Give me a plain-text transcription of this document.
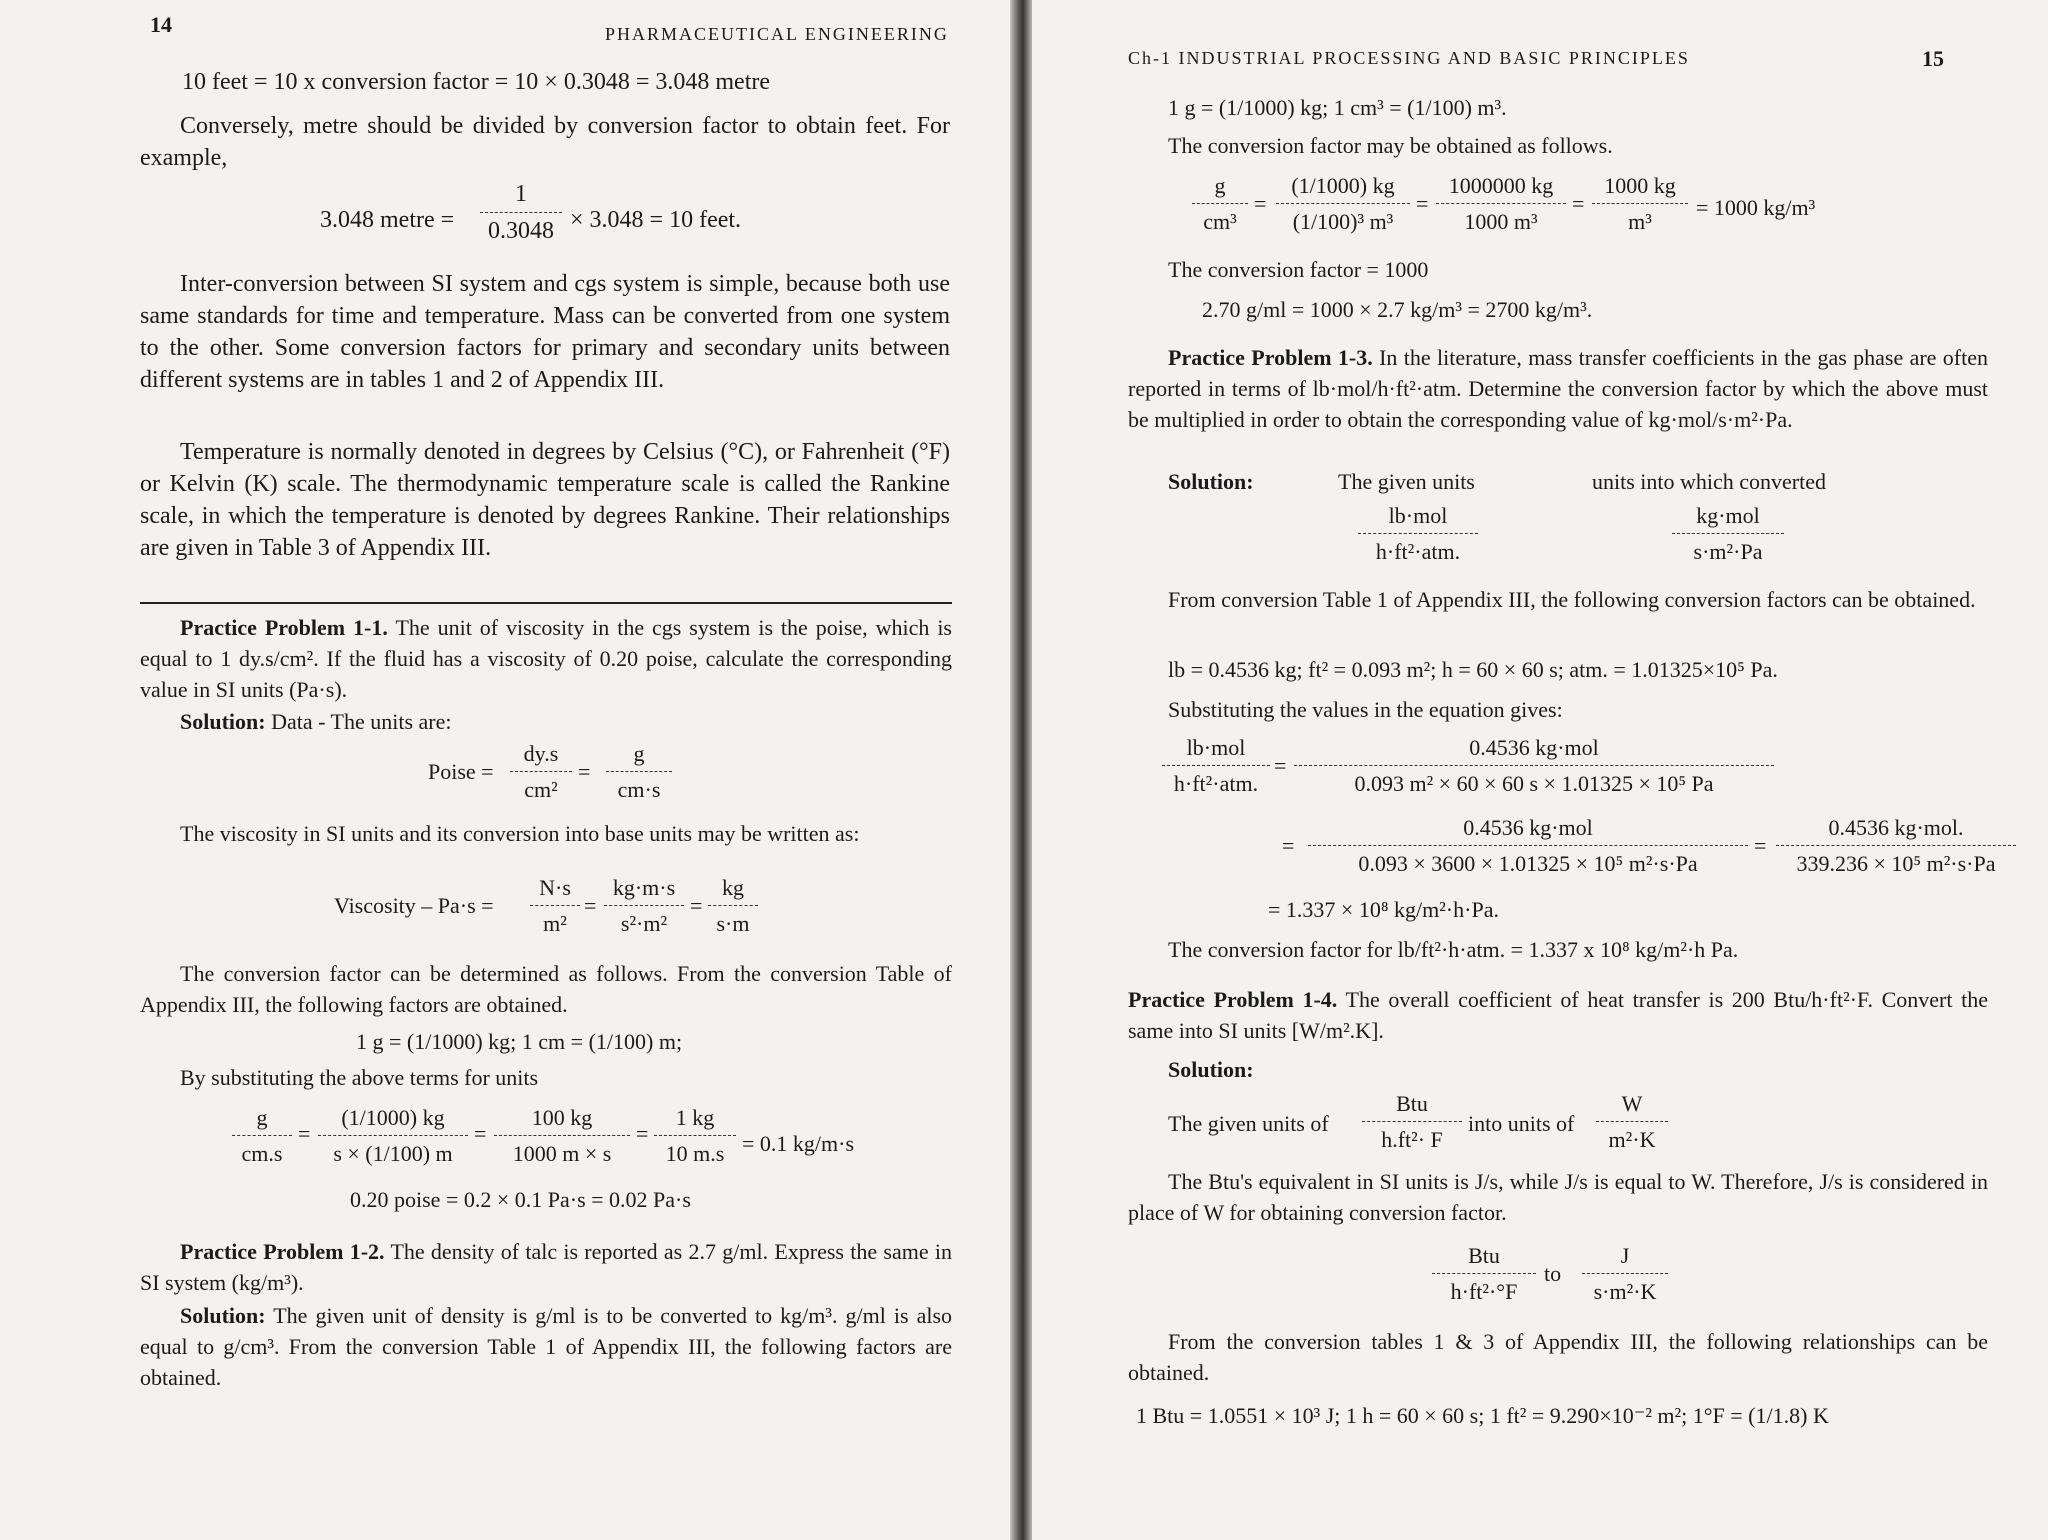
14	PHARMACEUTICAL ENGINEERING
10 feet = 10 x conversion factor = 10 × 0.3048 = 3.048 metre
Conversely, metre should be divided by conversion factor to obtain feet. For example,
3.048 metre =
1
0.3048 × 3.048 = 10 feet.
Inter-conversion between SI system and cgs system is simple, because both use same standards for time and temperature. Mass can be converted from one system to the other. Some conversion factors for primary and secondary units between different systems are in tables 1 and 2 of Appendix III.
Temperature is normally denoted in degrees by Celsius (°C), or Fahrenheit (°F) or Kelvin (K) scale. The thermodynamic temperature scale is called the Rankine scale, in which the temperature is denoted by degrees Rankine. Their relationships are given in Table 3 of Appendix III.
Practice Problem 1-1. The unit of viscosity in the cgs system is the poise, which is equal to 1 dy.s/cm². If the fluid has a viscosity of 0.20 poise, calculate the corresponding value in SI units (Pa·s).
Solution: Data - The units are:
Poise =
dy.s
cm²
=
g
cm·s
The viscosity in SI units and its conversion into base units may be written as:
Viscosity – Pa·s =
N·s
m²
=
kg·m·s
s²·m²
=
kg
s·m
The conversion factor can be determined as follows. From the conversion Table of Appendix III, the following factors are obtained.
1 g = (1/1000) kg; 1 cm = (1/100) m;
By substituting the above terms for units
g
cm.s
=
(1/1000) kg
s × (1/100) m
=
100 kg
1000 m × s
=
1 kg
10 m.s = 0.1 kg/m·s
0.20 poise = 0.2 × 0.1 Pa·s = 0.02 Pa·s
Practice Problem 1-2. The density of talc is reported as 2.7 g/ml. Express the same in SI system (kg/m³).
Solution: The given unit of density is g/ml is to be converted to kg/m³. g/ml is also equal to g/cm³. From the conversion Table 1 of Appendix III, the following factors are obtained.
Ch-1 INDUSTRIAL PROCESSING AND BASIC PRINCIPLES	15
1 g = (1/1000) kg; 1 cm³ = (1/100) m³.
The conversion factor may be obtained as follows.
g
cm³
=
(1/1000) kg
(1/100)³ m³
=
1000000 kg
1000 m³
=
1000 kg
m³
= 1000 kg/m³
The conversion factor = 1000
2.70 g/ml = 1000 × 2.7 kg/m³ = 2700 kg/m³.
Practice Problem 1-3. In the literature, mass transfer coefficients in the gas phase are often reported in terms of lb·mol/h·ft²·atm. Determine the conversion factor by which the above must be multiplied in order to obtain the corresponding value of kg·mol/s·m²·Pa.
Solution:	The given units	units into which converted
lb·mol
h·ft²·atm.
kg·mol
s·m²·Pa
From conversion Table 1 of Appendix III, the following conversion factors can be obtained.
lb = 0.4536 kg; ft² = 0.093 m²; h = 60 × 60 s; atm. = 1.01325×10⁵ Pa.
Substituting the values in the equation gives:
lb·mol
h·ft²·atm.
=
0.4536 kg·mol
0.093 m² × 60 × 60 s × 1.01325 × 10⁵ Pa
=
0.4536 kg·mol
0.093 × 3600 × 1.01325 × 10⁵ m²·s·Pa
=
0.4536 kg·mol.
339.236 × 10⁵ m²·s·Pa
= 1.337 × 10⁸ kg/m²·h·Pa.
The conversion factor for lb/ft²·h·atm. = 1.337 x 10⁸ kg/m²·h Pa.
Practice Problem 1-4. The overall coefficient of heat transfer is 200 Btu/h·ft²·F. Convert the same into SI units [W/m².K].
Solution:
The given units of
Btu
h.ft²· F
into units of
W
m²·K
The Btu's equivalent in SI units is J/s, while J/s is equal to W. Therefore, J/s is considered in place of W for obtaining conversion factor.
Btu
h·ft²·°F
to
J
s·m²·K
From the conversion tables 1 & 3 of Appendix III, the following relationships can be obtained.
1 Btu = 1.0551 × 10³ J; 1 h = 60 × 60 s; 1 ft² = 9.290×10⁻² m²; 1°F = (1/1.8) K
